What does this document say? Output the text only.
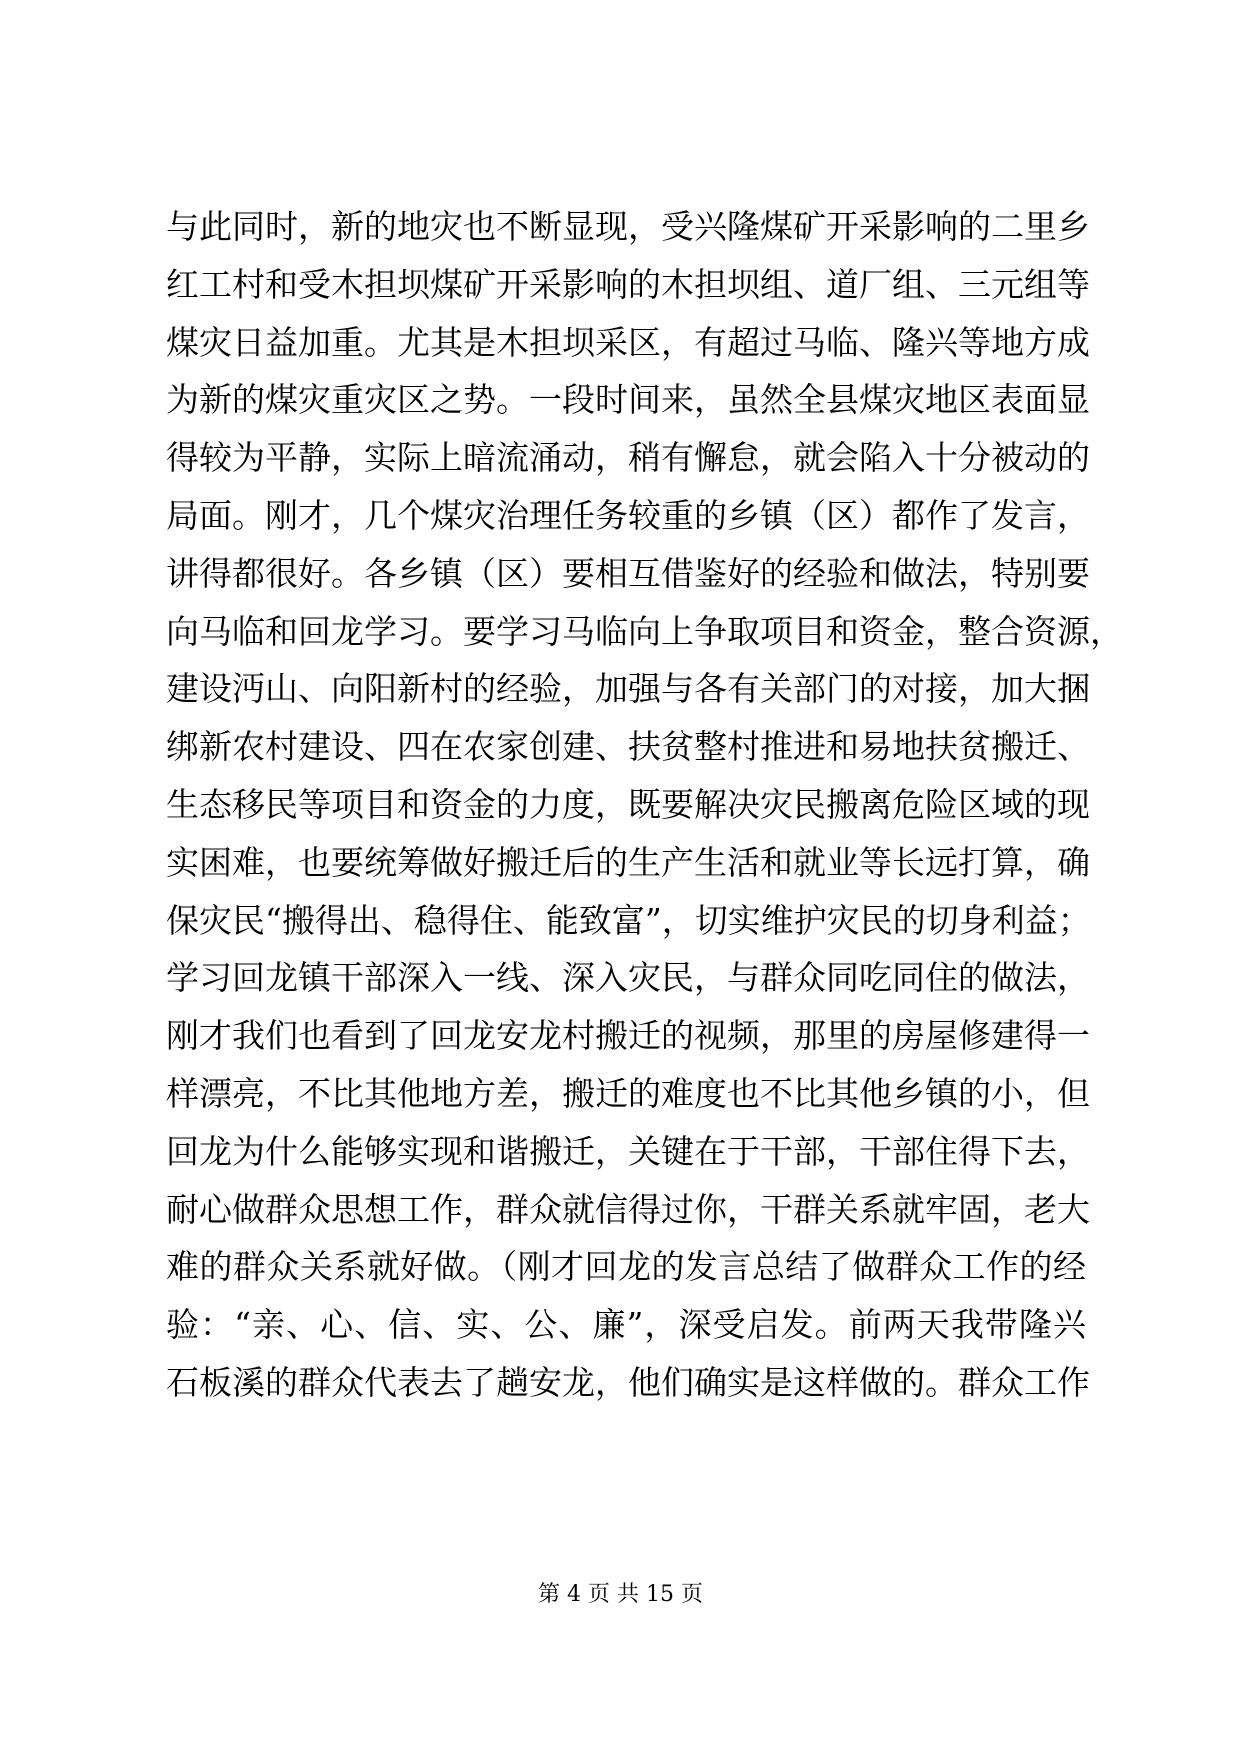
与此同时，新的地灾也不断显现，受兴隆煤矿开采影响的二里乡
红工村和受木担坝煤矿开采影响的木担坝组、道厂组、三元组等
煤灾日益加重。尤其是木担坝采区，有超过马临、隆兴等地方成
为新的煤灾重灾区之势。一段时间来，虽然全县煤灾地区表面显
得较为平静，实际上暗流涌动，稍有懈怠，就会陷入十分被动的
局面。刚才，几个煤灾治理任务较重的乡镇（区）都作了发言，
讲得都很好。各乡镇（区）要相互借鉴好的经验和做法，特别要
向马临和回龙学习。要学习马临向上争取项目和资金，整合资源，
建设沔山、向阳新村的经验，加强与各有关部门的对接，加大捆
绑新农村建设、四在农家创建、扶贫整村推进和易地扶贫搬迁、
生态移民等项目和资金的力度，既要解决灾民搬离危险区域的现
实困难，也要统筹做好搬迁后的生产生活和就业等长远打算，确
保灾民“搬得出、稳得住、能致富”，切实维护灾民的切身利益；
学习回龙镇干部深入一线、深入灾民，与群众同吃同住的做法，
刚才我们也看到了回龙安龙村搬迁的视频，那里的房屋修建得一
样漂亮，不比其他地方差，搬迁的难度也不比其他乡镇的小，但
回龙为什么能够实现和谐搬迁，关键在于干部，干部住得下去，
耐心做群众思想工作，群众就信得过你，干群关系就牢固，老大
难的群众关系就好做。（刚才回龙的发言总结了做群众工作的经
验：“亲、心、信、实、公、廉”，深受启发。前两天我带隆兴
石板溪的群众代表去了趟安龙，他们确实是这样做的。群众工作
第 4 页 共 15 页
